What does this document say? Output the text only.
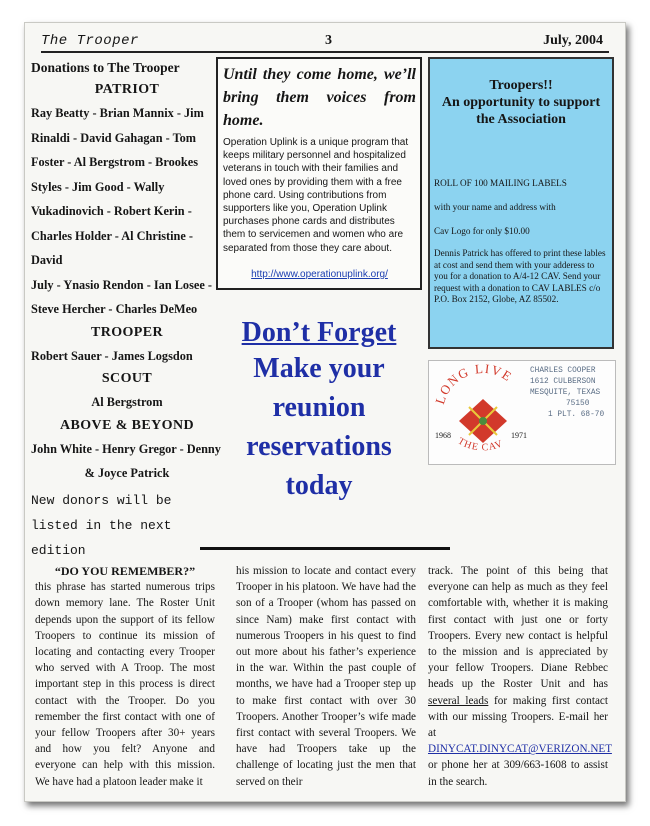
The Trooper	3	July, 2004
Donations to The Trooper
PATRIOT
Ray Beatty - Brian Mannix - Jim
Rinaldi - David Gahagan - Tom
Foster - Al Bergstrom - Brookes
Styles - Jim Good - Wally
Vukadinovich - Robert Kerin -
Charles Holder - Al Christine - David
July - Ynasio Rendon - Ian Losee -
Steve Hercher - Charles DeMeo
TROOPER
Robert Sauer - James Logsdon
SCOUT
Al Bergstrom
ABOVE & BEYOND
John White - Henry Gregor - Denny
& Joyce Patrick
New donors will be
listed in the next
edition
Until they come home, we’ll
bring them voices from
home.
Operation Uplink is a unique program that keeps military personnel and hospitalized veterans in touch with their families and loved ones by providing them with a free phone card. Using contributions from supporters like you, Operation Uplink purchases phone cards and distributes them to servicemen and women who are separated from those they care about.
http://www.operationuplink.org/
Don’t Forget
Make your
reunion
reservations
today
Troopers!!
An opportunity to support
the Association
ROLL OF 100 MAILING LABELS
with your name and address with
Cav Logo for only $10.00
Dennis Patrick has offered to print these lables at cost and send them with your adderess to you for a donation to A/4-12 CAV. Send your request with a donation to CAV LABLES c/o P.O. Box 2152, Globe, AZ 85502.
LONG LIVE
THE CAV
1968	1971
CHARLES COOPER
1612 CULBERSON
MESQUITE, TEXAS
75150
1 PLT. 68-70
“DO YOU REMEMBER?”
this phrase has started numerous trips down memory lane. The Roster Unit depends upon the support of its fellow Troopers to continue its mission of locating and contacting every Trooper who served with A Troop. The most important step in this process is direct contact with the Trooper. Do you remember the first contact with one of your fellow Troopers after 30+ years and how you felt? Anyone and everyone can help with this mission. We have had a platoon leader make it
his mission to locate and contact every Trooper in his platoon. We have had the son of a Trooper (whom has passed on since Nam) make first contact with numerous Troopers in his quest to find out more about his father’s experience in the war. Within the past couple of months, we have had a Trooper step up to make first contact with over 30 Troopers. Another Trooper’s wife made first contact with several Troopers. We have had Troopers take up the challenge of locating just the men that served on their
track. The point of this being that everyone can help as much as they feel comfortable with, whether it is making first contact with just one or forty Troopers. Every new contact is helpful to the mission and is appreciated by your fellow Troopers. Diane Rebbec heads up the Roster Unit and has several leads for making first contact with our missing Troopers. E-mail her at DINYCAT.DINYCAT@VERIZON.NET or phone her at 309/663-1608 to assist in the search.
